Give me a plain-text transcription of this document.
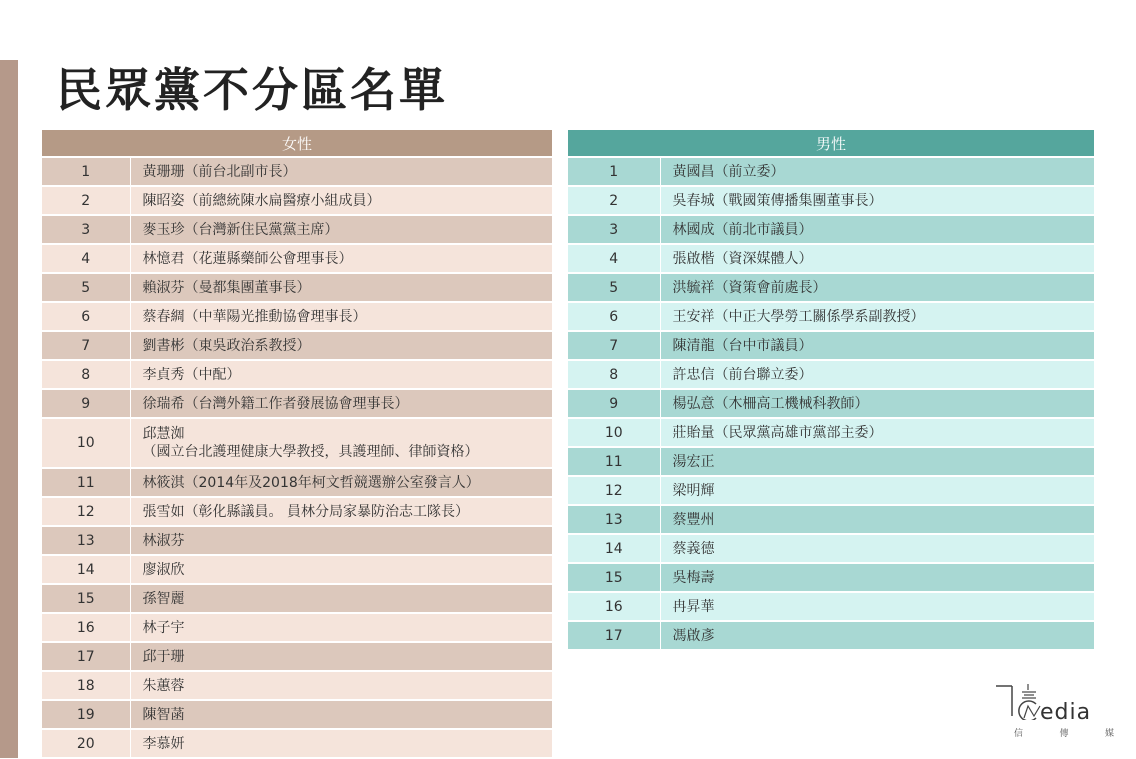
民眾黨不分區名單
女性	
1	黃珊珊（前台北副市長）
2	陳昭姿（前總統陳水扁醫療小組成員）
3	麥玉珍（台灣新住民黨黨主席）
4	林憶君（花蓮縣藥師公會理事長）
5	賴淑芬（曼都集團董事長）
6	蔡春綢（中華陽光推動協會理事長）
7	劉書彬（東吳政治系教授）
8	李貞秀（中配）
9	徐瑞希（台灣外籍工作者發展協會理事長）
10	邱慧洳
（國立台北護理健康大學教授，具護理師、律師資格）

11	林筱淇（2014年及2018年柯文哲競選辦公室發言人）
12	張雪如（彰化縣議員。 員林分局家暴防治志工隊長）
13	林淑芬
14	廖淑欣
15	孫智麗
16	林子宇
17	邱于珊
18	朱蕙蓉
19	陳智菡
20	李慕妍
男性	
1	黃國昌（前立委）
2	吳春城（戰國策傳播集團董事長）
3	林國成（前北市議員）
4	張啟楷（資深媒體人）
5	洪毓祥（資策會前處長）
6	王安祥（中正大學勞工關係學系副教授）
7	陳清龍（台中市議員）
8	許忠信（前台聯立委）
9	楊弘意（木柵高工機械科教師）
10	莊貽量（民眾黨高雄市黨部主委）
11	湯宏正
12	梁明輝
13	蔡豐州
14	蔡義德
15	吳梅壽
16	冉昇華
17	馮啟彥
edia
信	傳	媒
